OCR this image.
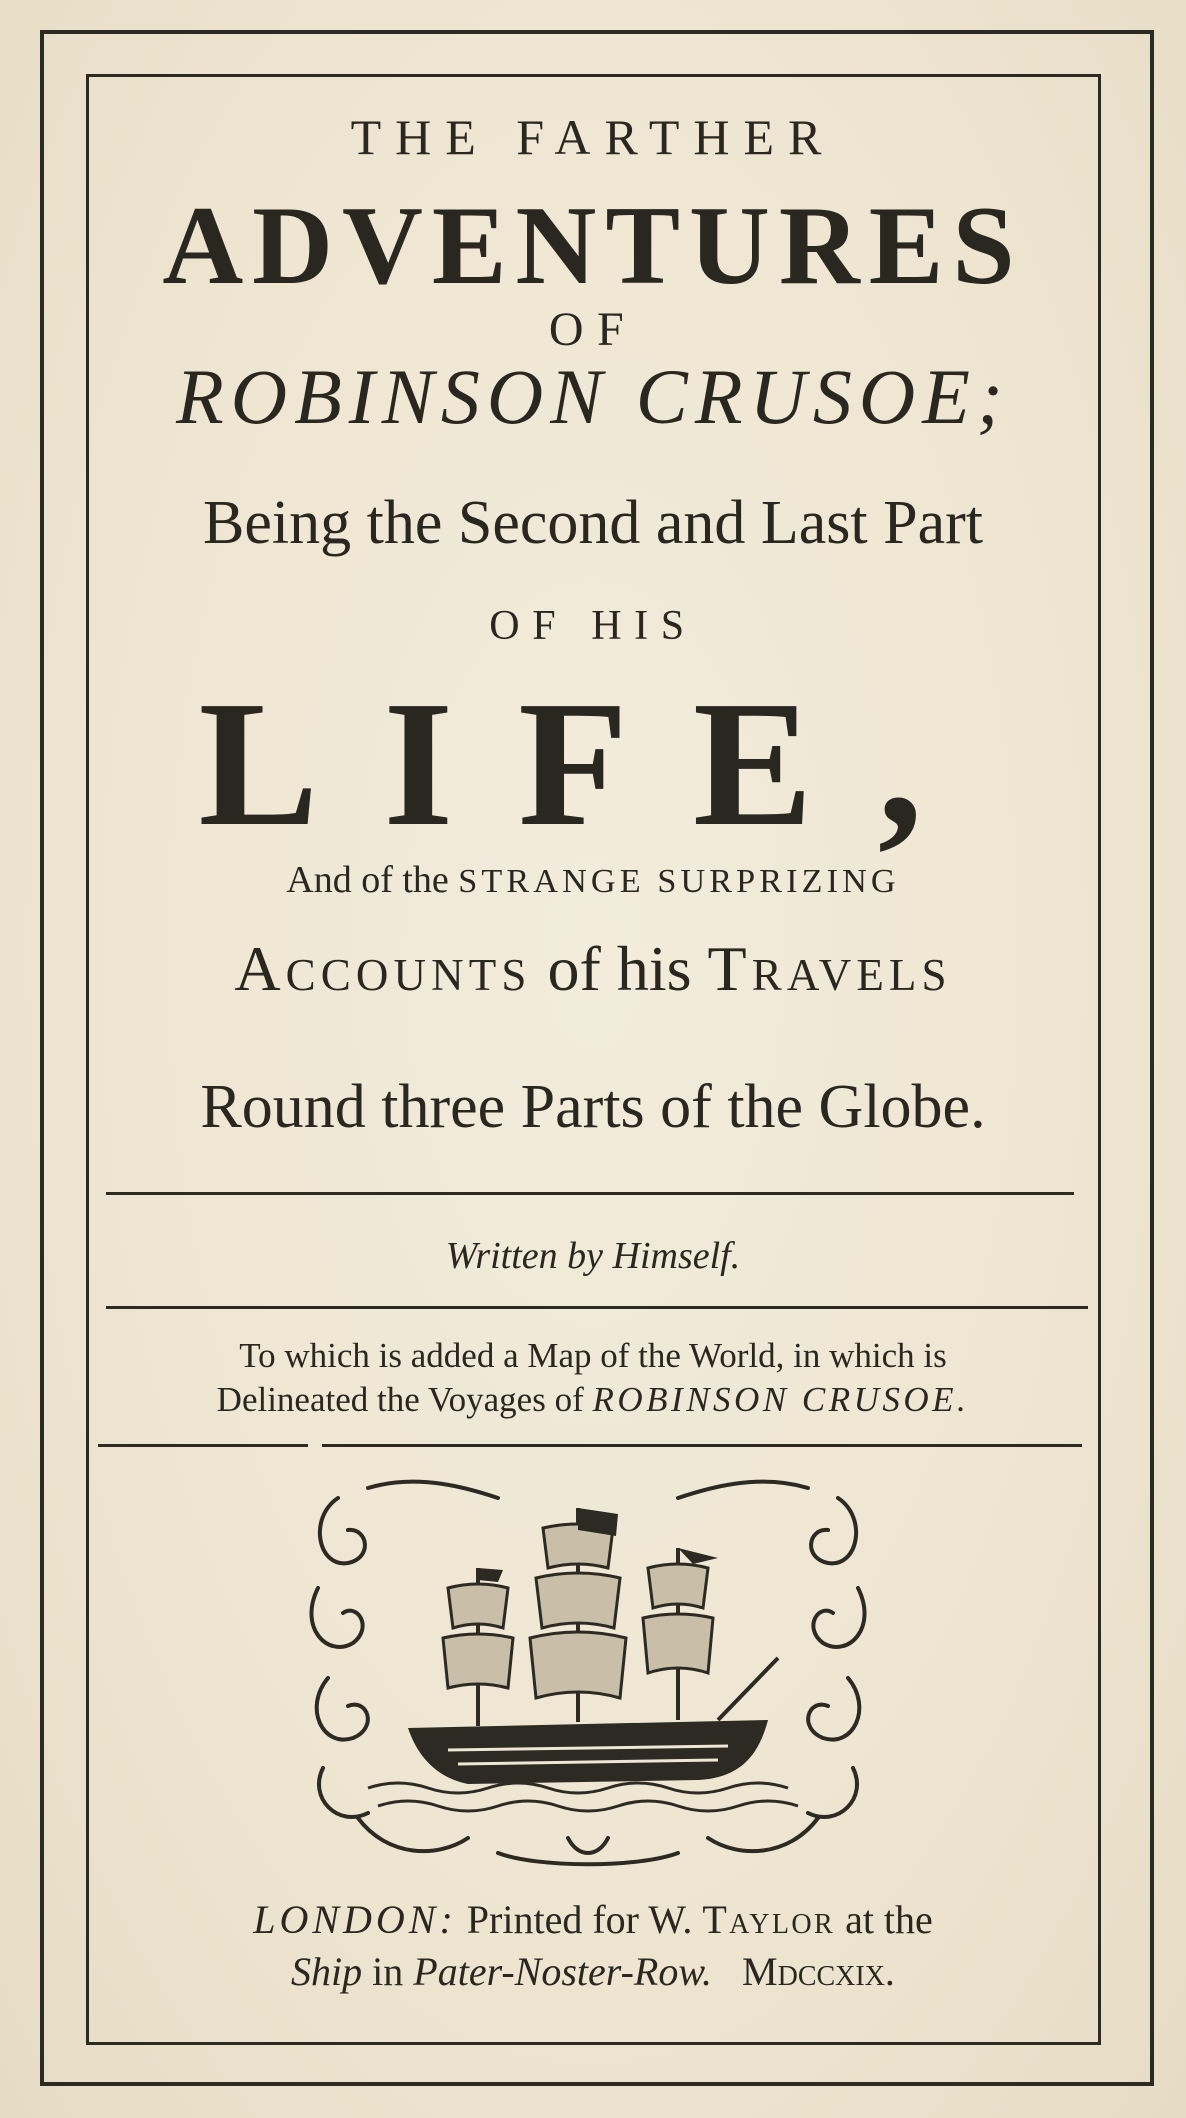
THE FARTHER
ADVENTURES
OF
ROBINSON CRUSOE;
Being the Second and Last Part
OF HIS
LIFE,
And of the STRANGE SURPRIZING
Accounts of his Travels
Round three Parts of the Globe.
Written by Himself.
To which is added a Map of the World, in which is
Delineated the Voyages of ROBINSON CRUSOE.
LONDON: Printed for W. Taylor at the
Ship in Pater-Noster-Row.   Mdccxix.
